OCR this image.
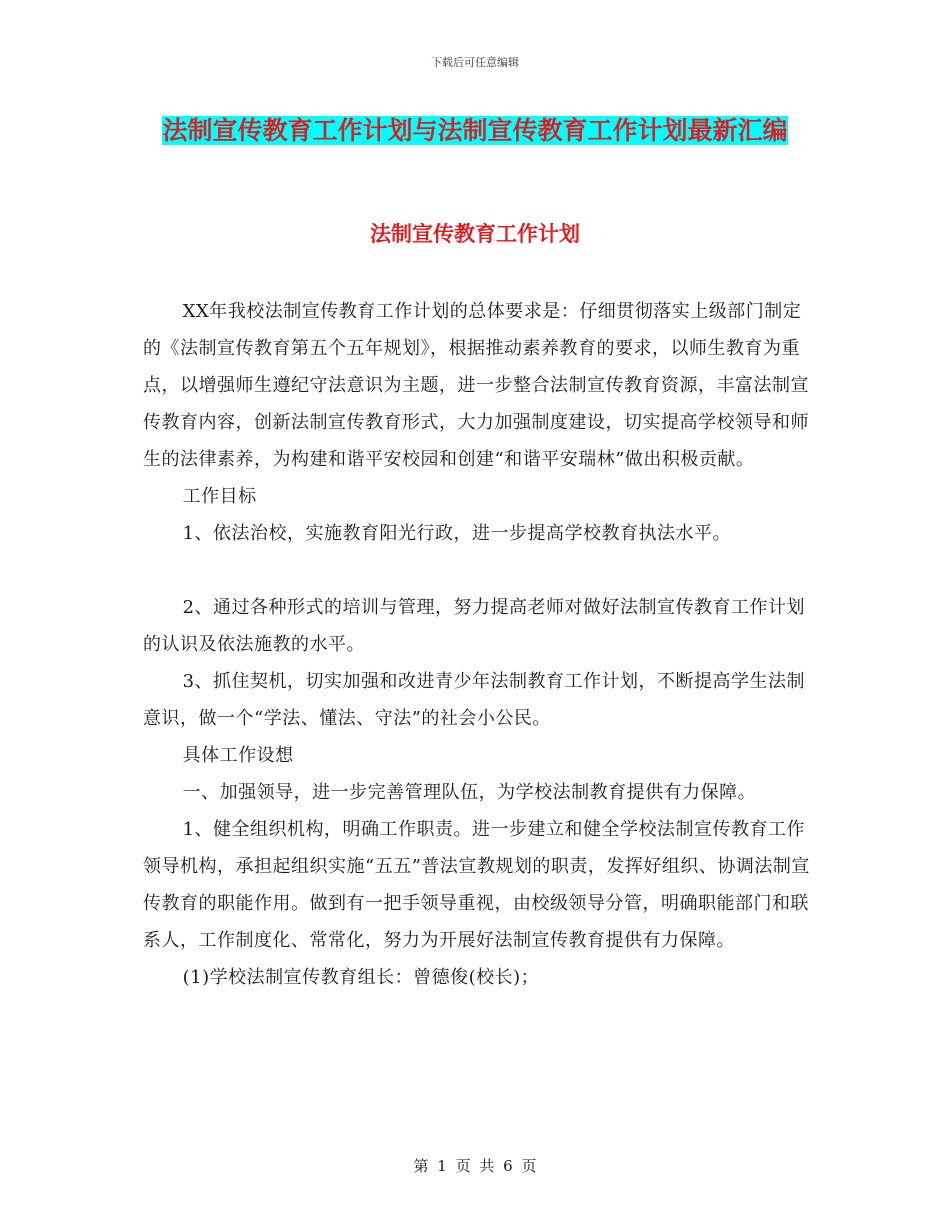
下载后可任意编辑
法制宣传教育工作计划与法制宣传教育工作计划最新汇编
法制宣传教育工作计划

XX年我校法制宣传教育工作计划的总体要求是：仔细贯彻落实上级部门制定的《法制宣传教育第五个五年规划》，根据推动素养教育的要求，以师生教育为重点，以增强师生遵纪守法意识为主题，进一步整合法制宣传教育资源，丰富法制宣传教育内容，创新法制宣传教育形式，大力加强制度建设，切实提高学校领导和师生的法律素养，为构建和谐平安校园和创建“和谐平安瑞林”做出积极贡献。

工作目标

1、依法治校，实施教育阳光行政，进一步提高学校教育执法水平。

2、通过各种形式的培训与管理，努力提高老师对做好法制宣传教育工作计划的认识及依法施教的水平。

3、抓住契机，切实加强和改进青少年法制教育工作计划，不断提高学生法制意识，做一个“学法、懂法、守法”的社会小公民。

具体工作设想

一、加强领导，进一步完善管理队伍，为学校法制教育提供有力保障。

1、健全组织机构，明确工作职责。进一步建立和健全学校法制宣传教育工作领导机构，承担起组织实施“五五”普法宣教规划的职责，发挥好组织、协调法制宣传教育的职能作用。做到有一把手领导重视，由校级领导分管，明确职能部门和联系人，工作制度化、常常化，努力为开展好法制宣传教育提供有力保障。

(1)学校法制宣传教育组长：曾德俊(校长)；

第 1 页 共 6 页
